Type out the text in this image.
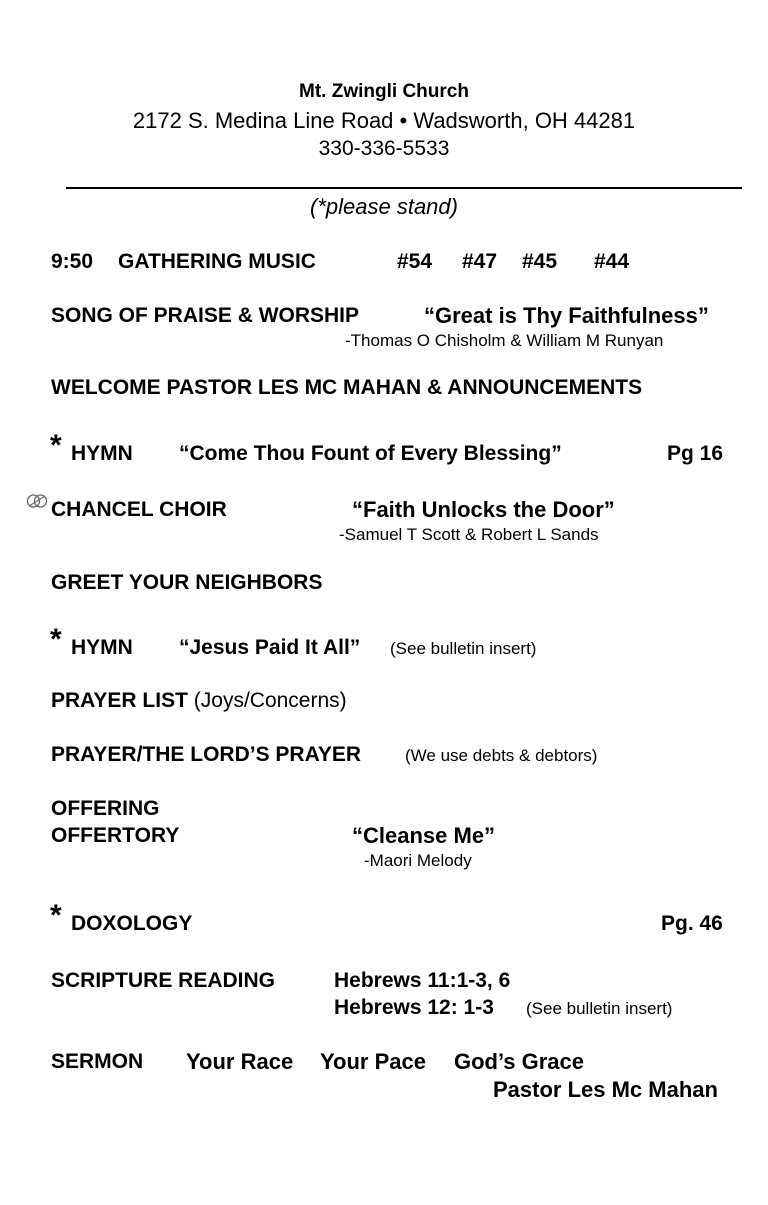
Mt. Zwingli Church
2172 S. Medina Line Road • Wadsworth, OH 44281
330-336-5533
(*please stand)
9:50 GATHERING MUSIC	#54 #47 #45 #44
SONG OF PRAISE & WORSHIP	“Great is Thy Faithfulness”
-Thomas O Chisholm & William M Runyan
WELCOME PASTOR LES MC MAHAN & ANNOUNCEMENTS
* HYMN “Come Thou Fount of Every Blessing”	Pg 16
CHANCEL CHOIR	“Faith Unlocks the Door”
-Samuel T Scott & Robert L Sands
GREET YOUR NEIGHBORS
* HYMN “Jesus Paid It All” (See bulletin insert)
PRAYER LIST (Joys/Concerns)
PRAYER/THE LORD’S PRAYER	(We use debts & debtors)
OFFERING
OFFERTORY	“Cleanse Me”
-Maori Melody
* DOXOLOGY	Pg. 46
SCRIPTURE READING	Hebrews 11:1-3, 6
Hebrews 12: 1-3 (See bulletin insert)
SERMON Your Race Your Pace God’s Grace
Pastor Les Mc Mahan
